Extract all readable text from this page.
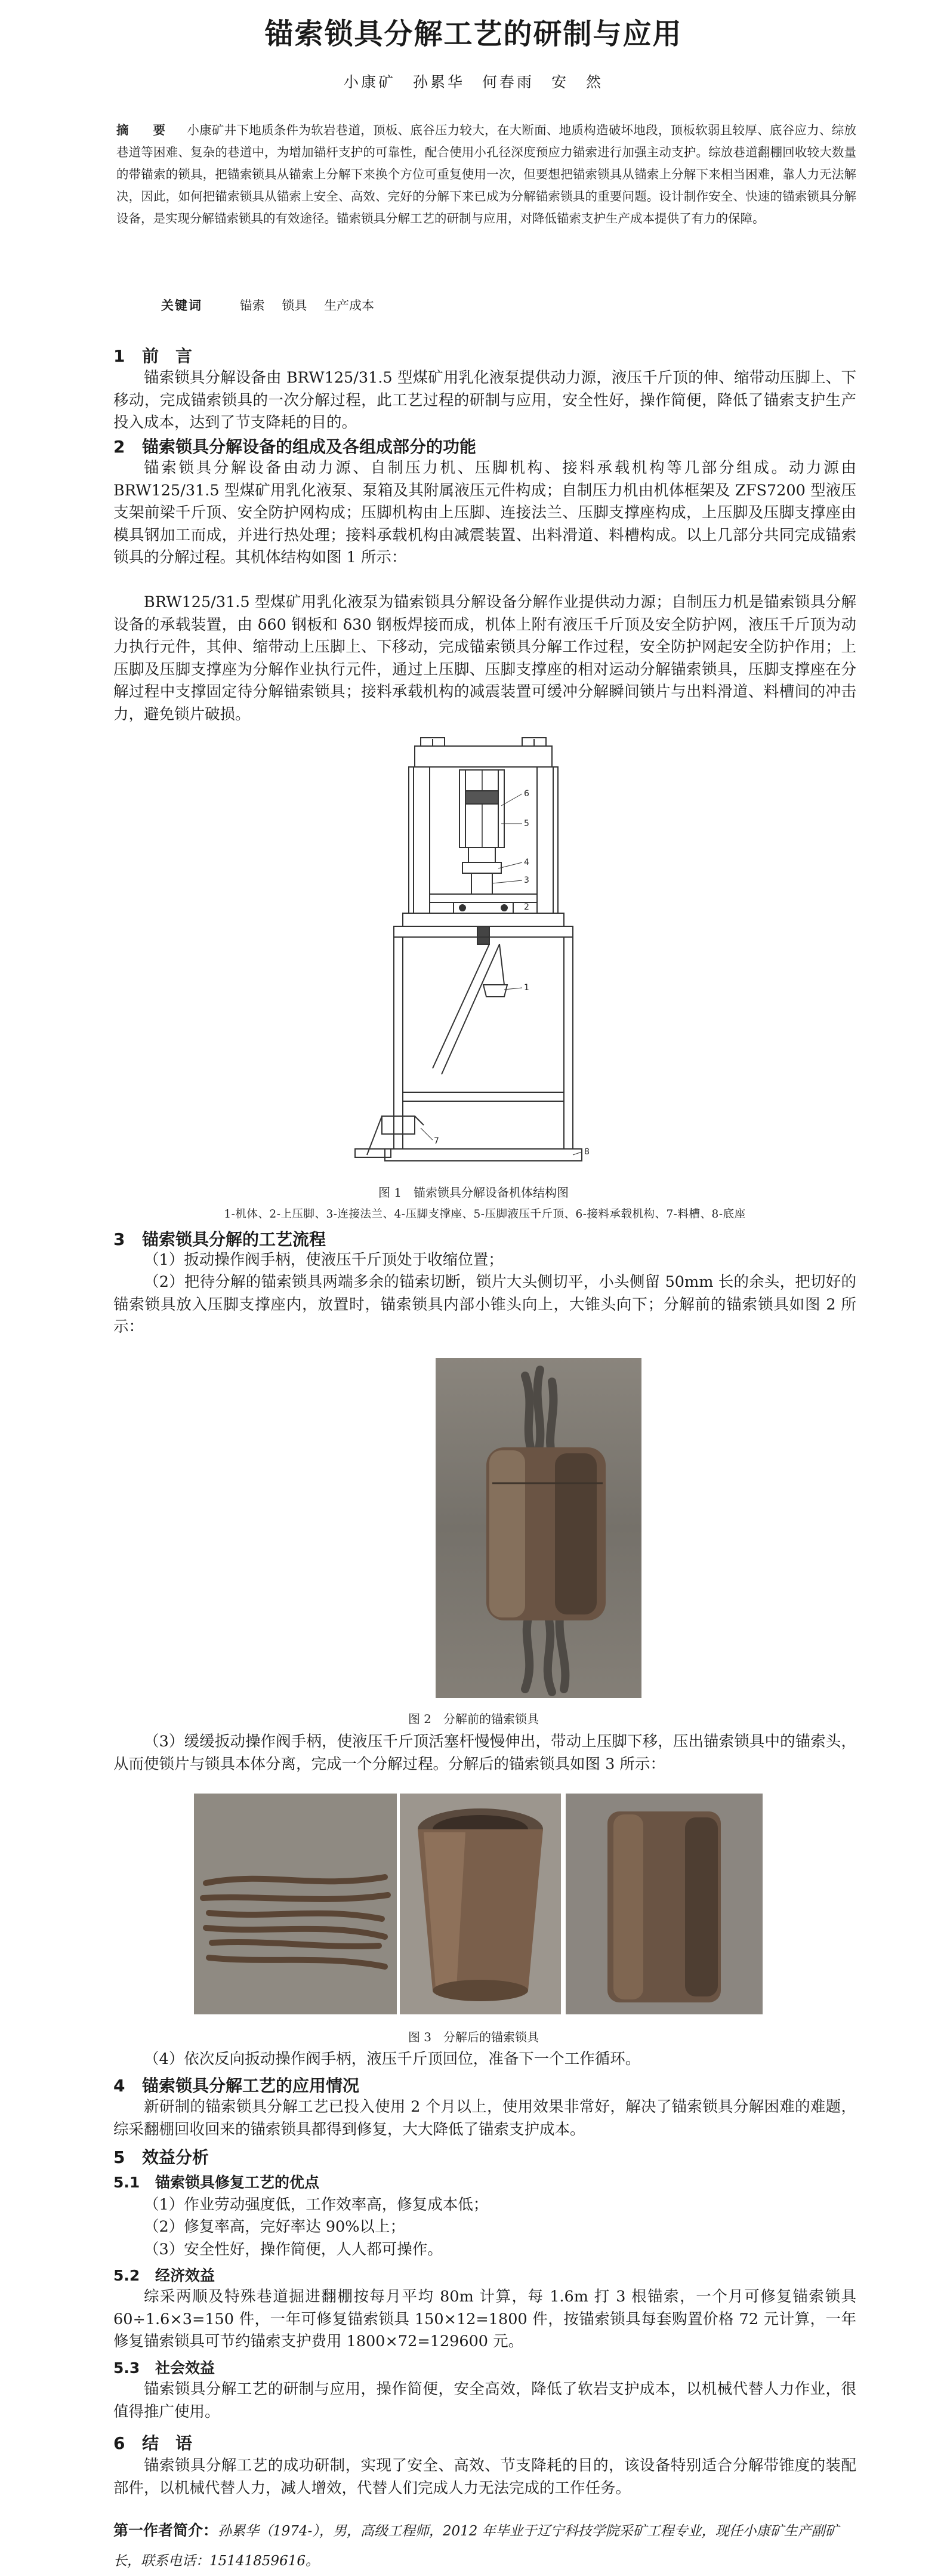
锚索锁具分解工艺的研制与应用
小康矿　孙累华　何春雨　安　然
摘　要 小康矿井下地质条件为软岩巷道，顶板、底谷压力较大，在大断面、地质构造破坏地段，顶板软弱且较厚、底谷应力、综放巷道等困难、复杂的巷道中，为增加锚杆支护的可靠性，配合使用小孔径深度预应力锚索进行加强主动支护。综放巷道翻棚回收较大数量的带锚索的锁具，把锚索锁具从锚索上分解下来换个方位可重复使用一次，但要想把锚索锁具从锚索上分解下来相当困难，靠人力无法解决，因此，如何把锚索锁具从锚索上安全、高效、完好的分解下来已成为分解锚索锁具的重要问题。设计制作安全、快速的锚索锁具分解设备，是实现分解锚索锁具的有效途径。锚索锁具分解工艺的研制与应用，对降低锚索支护生产成本提供了有力的保障。
关键词	锚索 锁具 生产成本
1 前　言
锚索锁具分解设备由 BRW125/31.5 型煤矿用乳化液泵提供动力源，液压千斤顶的伸、缩带动压脚上、下移动，完成锚索锁具的一次分解过程，此工艺过程的研制与应用，安全性好，操作简便，降低了锚索支护生产投入成本，达到了节支降耗的目的。
2 锚索锁具分解设备的组成及各组成部分的功能
锚索锁具分解设备由动力源、自制压力机、压脚机构、接料承载机构等几部分组成。动力源由 BRW125/31.5 型煤矿用乳化液泵、泵箱及其附属液压元件构成；自制压力机由机体框架及 ZFS7200 型液压支架前梁千斤顶、安全防护网构成；压脚机构由上压脚、连接法兰、压脚支撑座构成，上压脚及压脚支撑座由模具钢加工而成，并进行热处理；接料承载机构由减震装置、出料滑道、料槽构成。以上几部分共同完成锚索锁具的分解过程。其机体结构如图 1 所示：
BRW125/31.5 型煤矿用乳化液泵为锚索锁具分解设备分解作业提供动力源；自制压力机是锚索锁具分解设备的承载装置，由 δ60 钢板和 δ30 钢板焊接而成，机体上附有液压千斤顶及安全防护网，液压千斤顶为动力执行元件，其伸、缩带动上压脚上、下移动，完成锚索锁具分解工作过程，安全防护网起安全防护作用；上压脚及压脚支撑座为分解作业执行元件，通过上压脚、压脚支撑座的相对运动分解锚索锁具，压脚支撑座在分解过程中支撑固定待分解锚索锁具；接料承载机构的减震装置可缓冲分解瞬间锁片与出料滑道、料槽间的冲击力，避免锁片破损。
6
5
4
3
2
1
7
8
图 1　锚索锁具分解设备机体结构图
1-机体、2-上压脚、3-连接法兰、4-压脚支撑座、5-压脚液压千斤顶、6-接料承载机构、7-料槽、8-底座
3 锚索锁具分解的工艺流程
（1）扳动操作阀手柄，使液压千斤顶处于收缩位置；
（2）把待分解的锚索锁具两端多余的锚索切断，锁片大头侧切平，小头侧留 50mm 长的余头，把切好的锚索锁具放入压脚支撑座内，放置时，锚索锁具内部小锥头向上，大锥头向下；分解前的锚索锁具如图 2 所示：
图 2　分解前的锚索锁具
（3）缓缓扳动操作阀手柄，使液压千斤顶活塞杆慢慢伸出，带动上压脚下移，压出锚索锁具中的锚索头，从而使锁片与锁具本体分离，完成一个分解过程。分解后的锚索锁具如图 3 所示：
图 3　分解后的锚索锁具
（4）依次反向扳动操作阀手柄，液压千斤顶回位，准备下一个工作循环。
4 锚索锁具分解工艺的应用情况
新研制的锚索锁具分解工艺已投入使用 2 个月以上，使用效果非常好，解决了锚索锁具分解困难的难题，综采翻棚回收回来的锚索锁具都得到修复，大大降低了锚索支护成本。
5 效益分析
5.1 锚索锁具修复工艺的优点
（1）作业劳动强度低，工作效率高，修复成本低；
（2）修复率高，完好率达 90%以上；
（3）安全性好，操作简便，人人都可操作。
5.2 经济效益
综采两顺及特殊巷道掘进翻棚按每月平均 80m 计算，每 1.6m 打 3 根锚索，一个月可修复锚索锁具 60÷1.6×3=150 件，一年可修复锚索锁具 150×12=1800 件，按锚索锁具每套购置价格 72 元计算，一年修复锚索锁具可节约锚索支护费用 1800×72=129600 元。
5.3 社会效益
锚索锁具分解工艺的研制与应用，操作简便，安全高效，降低了软岩支护成本，以机械代替人力作业，很值得推广使用。
6 结　语
锚索锁具分解工艺的成功研制，实现了安全、高效、节支降耗的目的，该设备特别适合分解带锥度的装配部件，以机械代替人力，减人增效，代替人们完成人力无法完成的工作任务。
第一作者简介：孙累华（1974-），男，高级工程师，2012 年毕业于辽宁科技学院采矿工程专业，现任小康矿生产副矿长，联系电话：15141859616。
